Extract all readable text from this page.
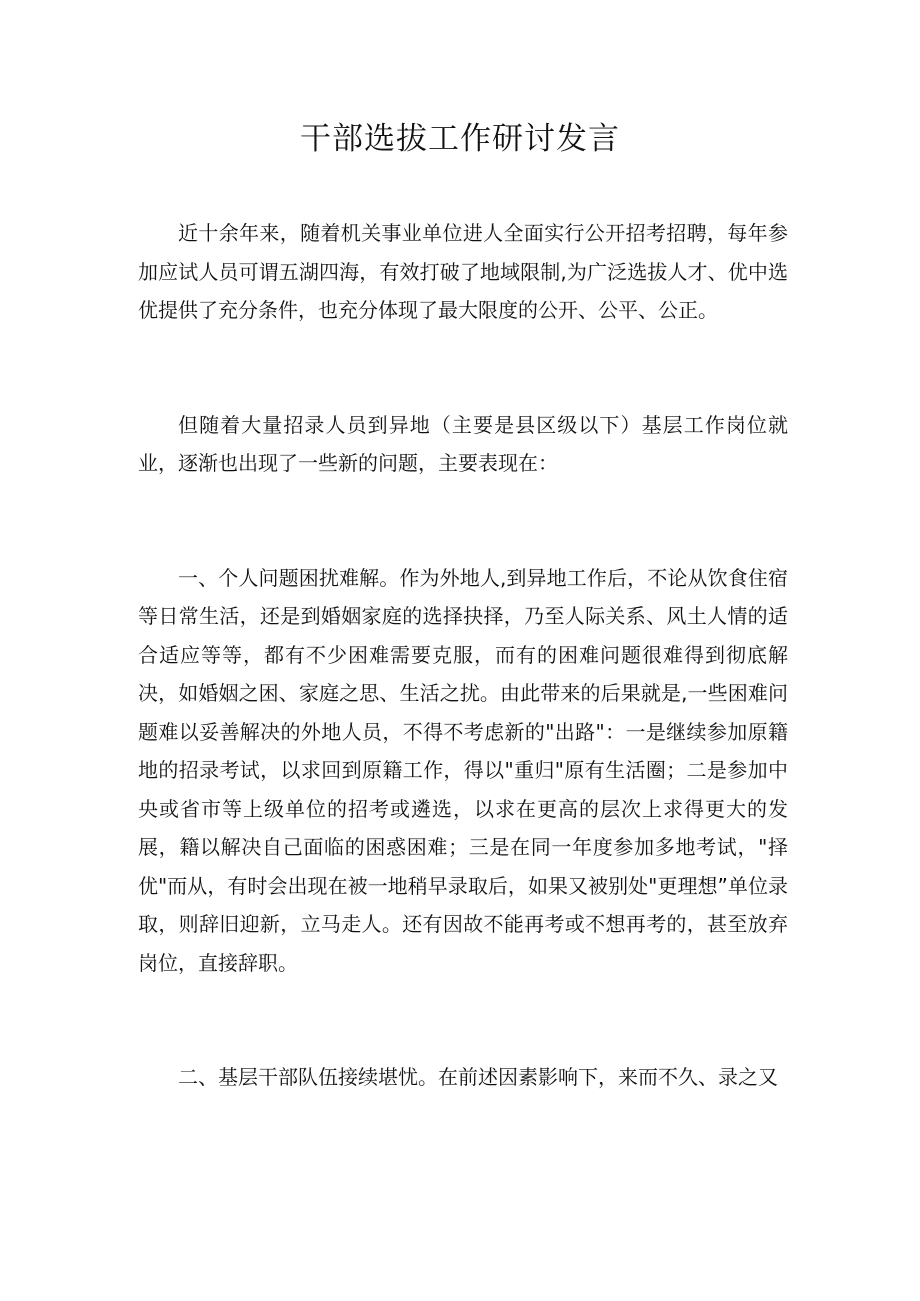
干部选拔工作研讨发言

近十余年来，随着机关事业单位进人全面实行公开招考招聘，每年参加应试人员可谓五湖四海，有效打破了地域限制,为广泛选拔人才、优中选优提供了充分条件，也充分体现了最大限度的公开、公平、公正。

但随着大量招录人员到异地（主要是县区级以下）基层工作岗位就业，逐渐也出现了一些新的问题，主要表现在：

一、个人问题困扰难解。作为外地人,到异地工作后，不论从饮食住宿等日常生活，还是到婚姻家庭的选择抉择，乃至人际关系、风土人情的适合适应等等，都有不少困难需要克服，而有的困难问题很难得到彻底解决，如婚姻之困、家庭之思、生活之扰。由此带来的后果就是,一些困难问题难以妥善解决的外地人员，不得不考虑新的"出路"：一是继续参加原籍地的招录考试，以求回到原籍工作，得以"重归"原有生活圈；二是参加中央或省市等上级单位的招考或遴选，以求在更高的层次上求得更大的发展，籍以解决自己面临的困惑困难；三是在同一年度参加多地考试，"择优"而从，有时会出现在被一地稍早录取后，如果又被别处"更理想”单位录取，则辞旧迎新，立马走人。还有因故不能再考或不想再考的，甚至放弃岗位，直接辞职。

二、基层干部队伍接续堪忧。在前述因素影响下，来而不久、录之又
